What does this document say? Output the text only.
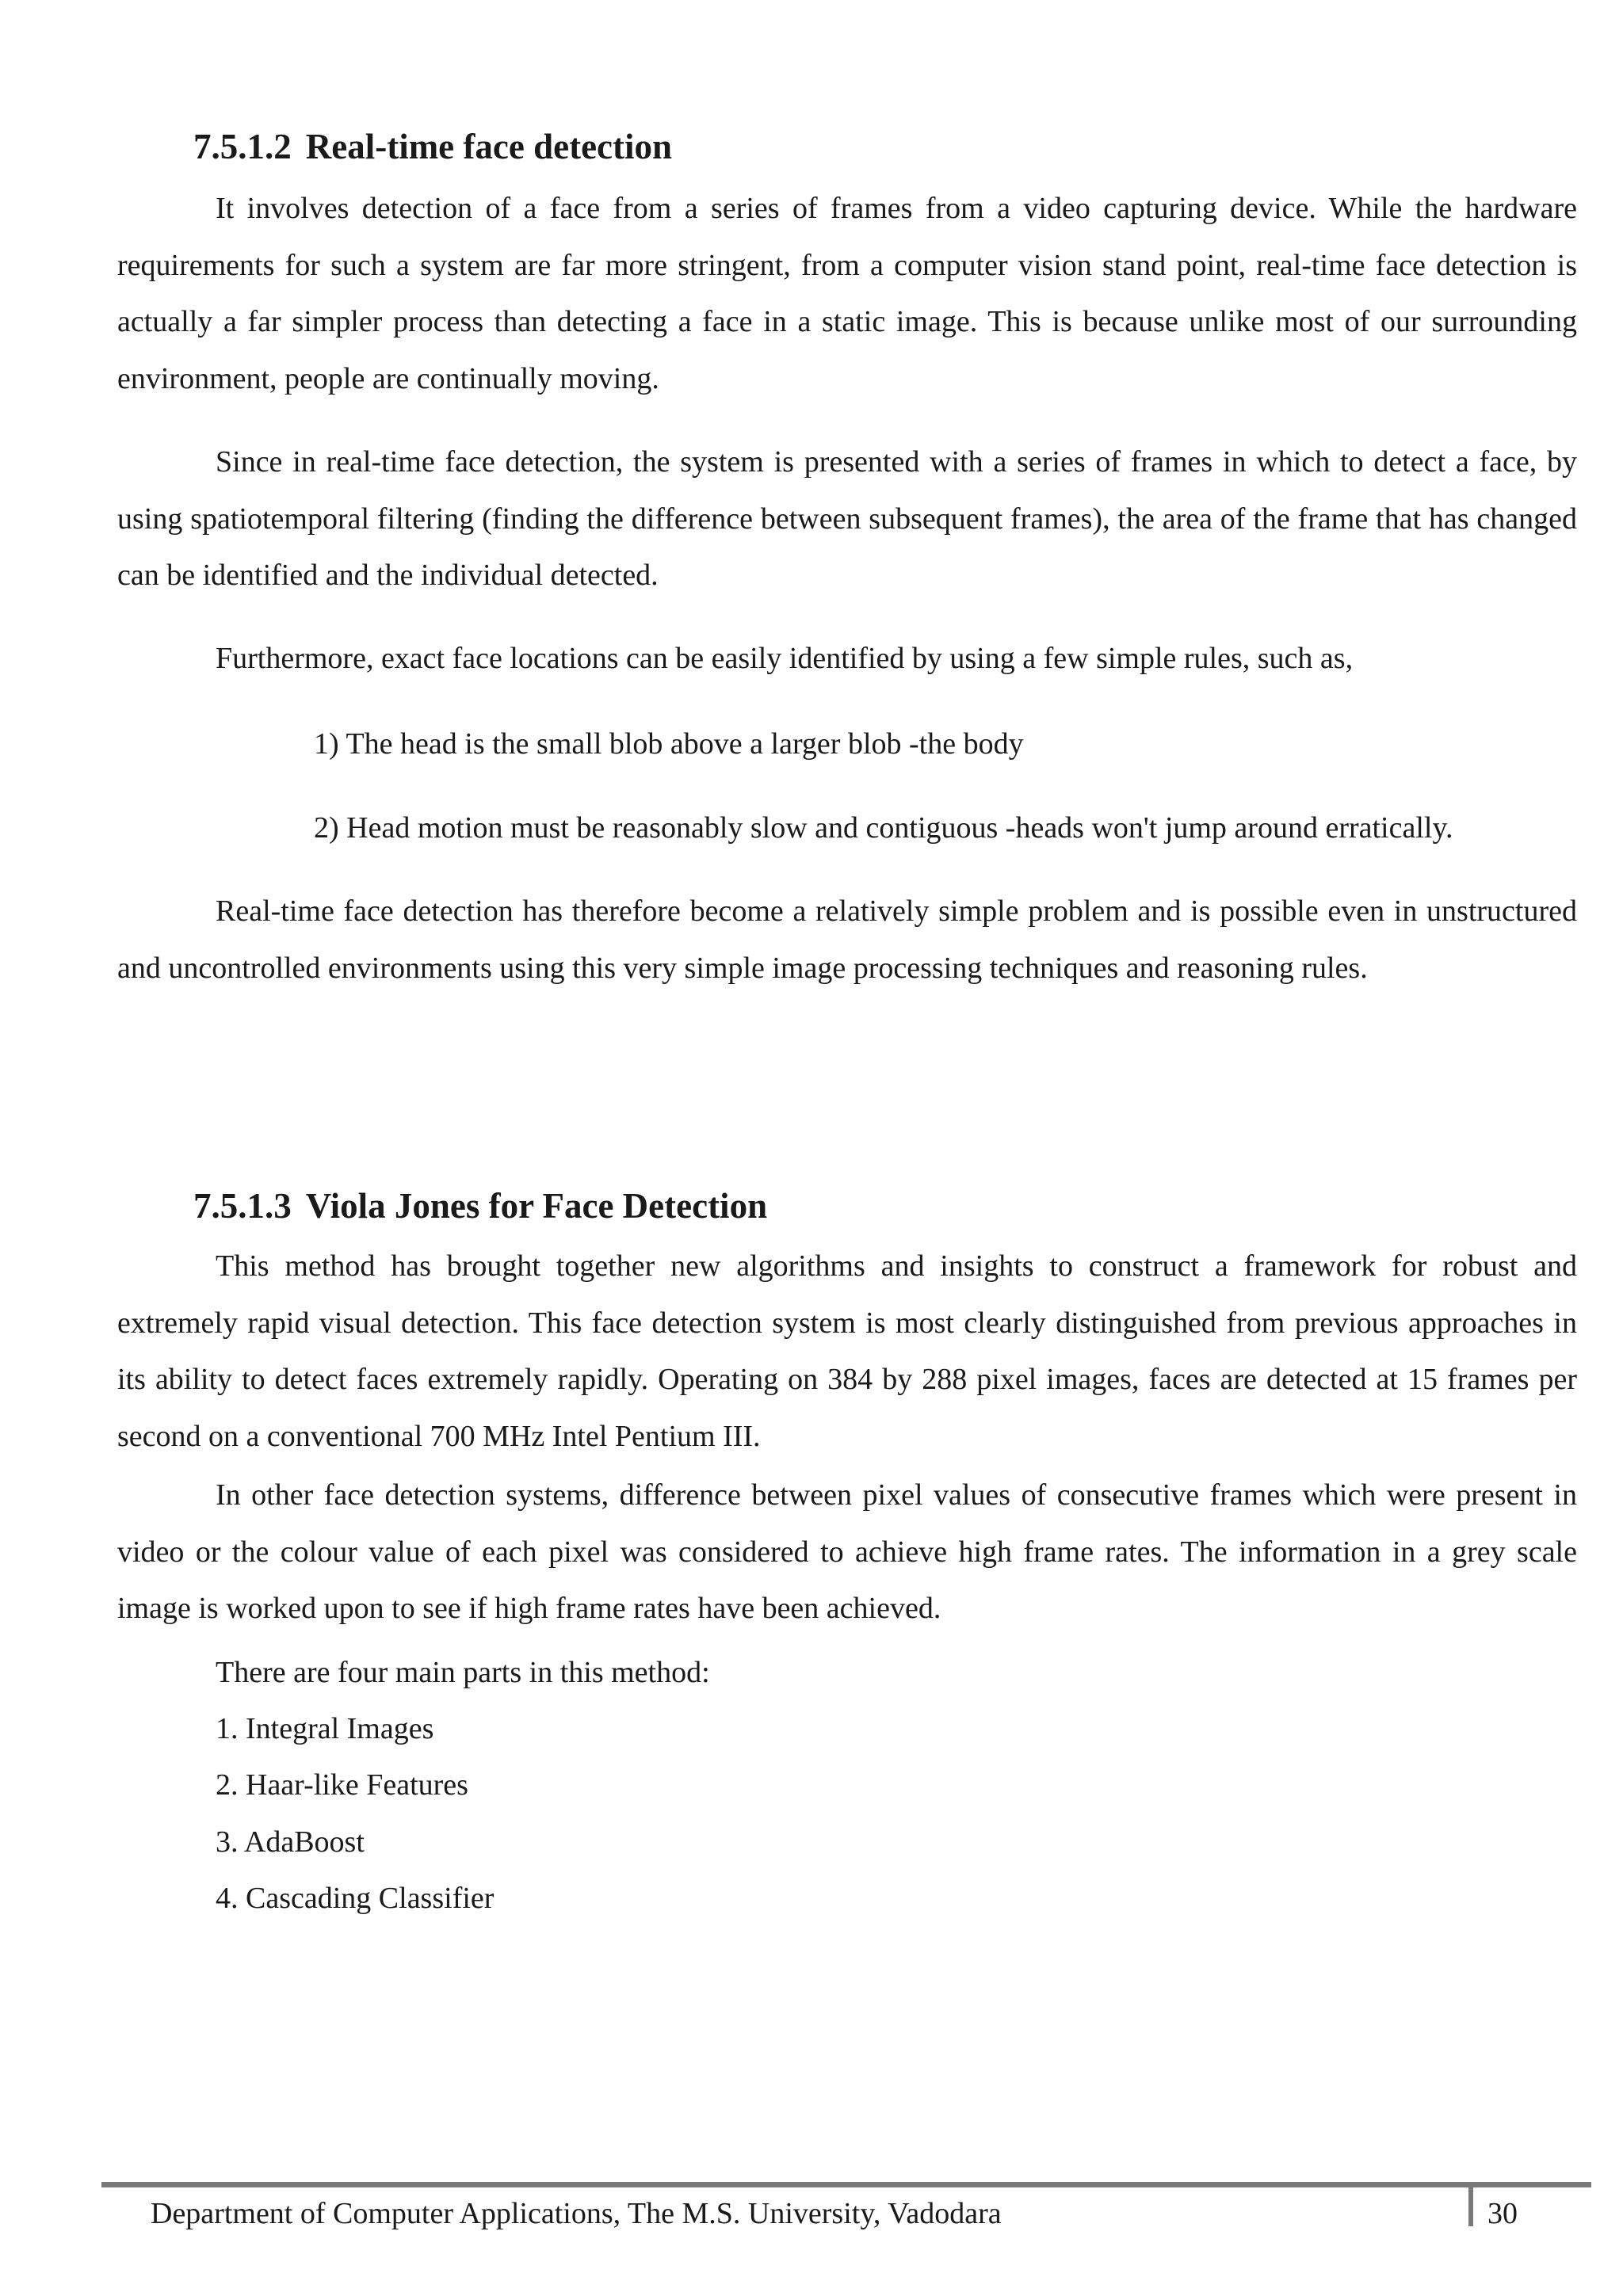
7.5.1.2 Real-time face detection

It involves detection of a face from a series of frames from a video capturing device. While the hardware requirements for such a system are far more stringent, from a computer vision stand point, real-time face detection is actually a far simpler process than detecting a face in a static image. This is because unlike most of our surrounding environment, people are continually moving.

Since in real-time face detection, the system is presented with a series of frames in which to detect a face, by using spatiotemporal filtering (finding the difference between subsequent frames), the area of the frame that has changed can be identified and the individual detected.

Furthermore, exact face locations can be easily identified by using a few simple rules, such as,

1) The head is the small blob above a larger blob -the body
2) Head motion must be reasonably slow and contiguous -heads won't jump around erratically.

Real-time face detection has therefore become a relatively simple problem and is possible even in unstructured and uncontrolled environments using this very simple image processing techniques and reasoning rules.

7.5.1.3 Viola Jones for Face Detection

This method has brought together new algorithms and insights to construct a framework for robust and extremely rapid visual detection. This face detection system is most clearly distinguished from previous approaches in its ability to detect faces extremely rapidly. Operating on 384 by 288 pixel images, faces are detected at 15 frames per second on a conventional 700 MHz Intel Pentium III.

In other face detection systems, difference between pixel values of consecutive frames which were present in video or the colour value of each pixel was considered to achieve high frame rates. The information in a grey scale image is worked upon to see if high frame rates have been achieved.

There are four main parts in this method:
1. Integral Images
2. Haar-like Features
3. AdaBoost
4. Cascading Classifier
Department of Computer Applications, The M.S. University, Vadodara	30
